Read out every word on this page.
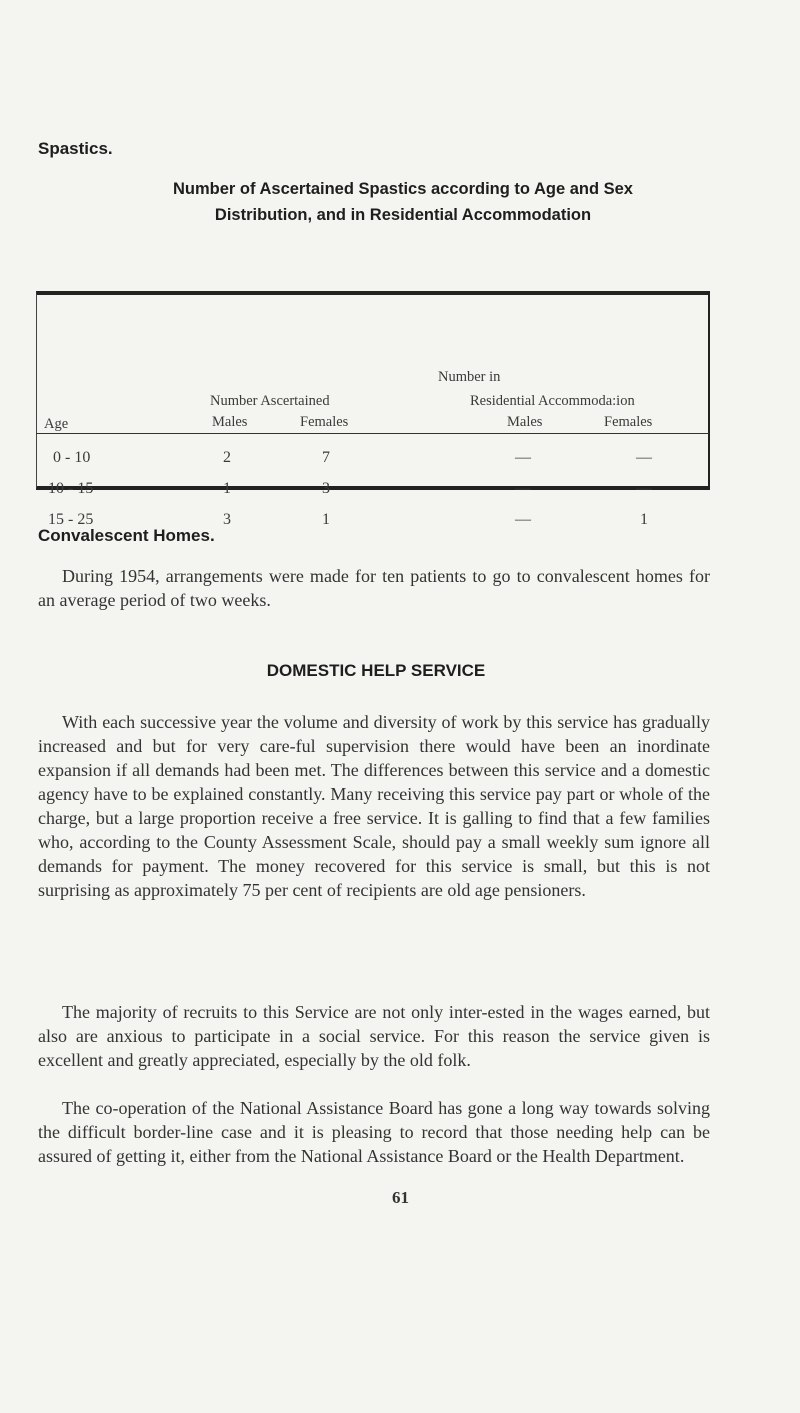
Spastics.
Number of Ascertained Spastics according to Age and Sex
Distribution, and in Residential Accommodation
Number in
Number Ascertained	Residential Accommoda:ion
Age	Males	Females	Males	Females
0 - 10	2	7	—	—
10 - 15	1	3	—	—
15 - 25	3	1	—	1
Convalescent Homes.
During 1954, arrangements were made for ten patients to go to convalescent homes for an average period of two weeks.
DOMESTIC HELP SERVICE

With each successive year the volume and diversity of work by this service has gradually increased and but for very care-ful supervision there would have been an inordinate expansion if all demands had been met. The differences between this service and a domestic agency have to be explained constantly. Many receiving this service pay part or whole of the charge, but a large proportion receive a free service. It is galling to find that a few families who, according to the County Assessment Scale, should pay a small weekly sum ignore all demands for payment. The money recovered for this service is small, but this is not surprising as approximately 75 per cent of recipients are old age pensioners.

The majority of recruits to this Service are not only inter-ested in the wages earned, but also are anxious to participate in a social service. For this reason the service given is excellent and greatly appreciated, especially by the old folk.

The co-operation of the National Assistance Board has gone a long way towards solving the difficult border-line case and it is pleasing to record that those needing help can be assured of getting it, either from the National Assistance Board or the Health Department.

61
